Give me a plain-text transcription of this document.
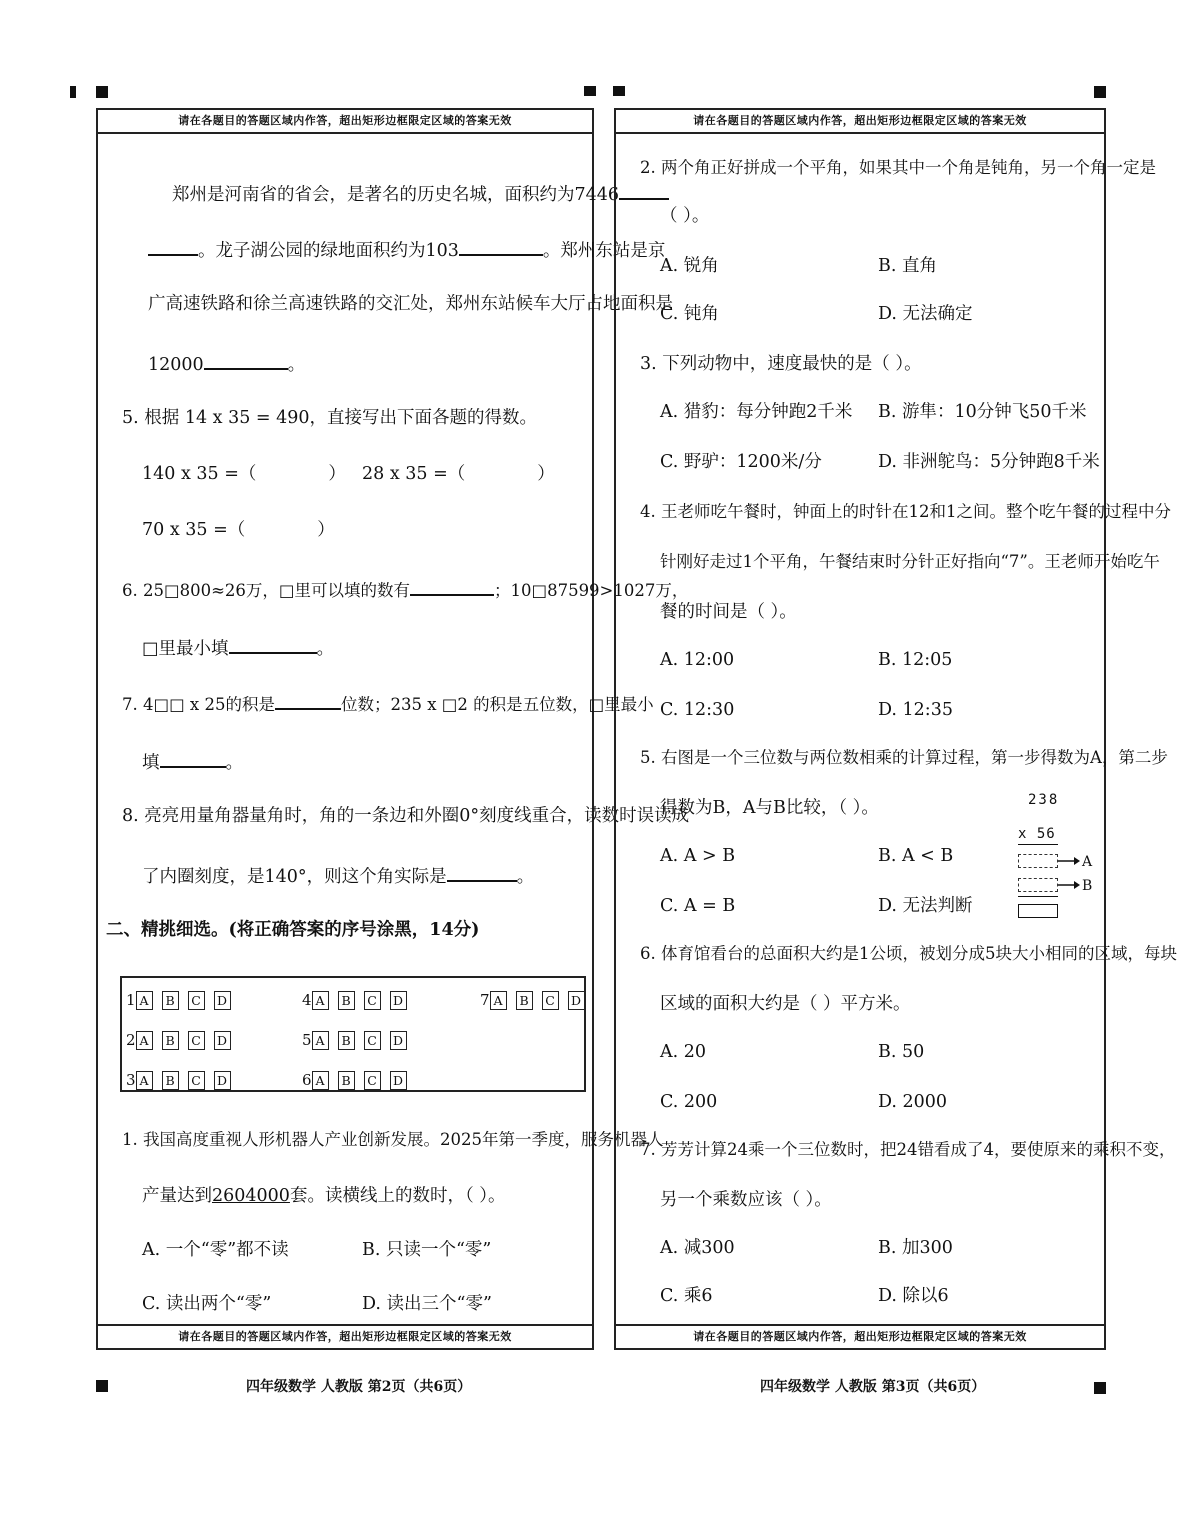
请在各题目的答题区域内作答，超出矩形边框限定区域的答案无效
郑州是河南省的省会，是著名的历史名城，面积约为7446
。龙子湖公园的绿地面积约为103	。郑州东站是京
广高速铁路和徐兰高速铁路的交汇处，郑州东站候车大厅占地面积是
12000	。
5. 根据 14 x 35 = 490，直接写出下面各题的得数。
140 x 35 =（	） 28 x 35 =（	）
70 x 35 =（	）
6. 25□800≈26万，□里可以填的数有	；10□87599>1027万，
□里最小填	。
7. 4□□ x 25的积是	位数；235 x □2 的积是五位数，□里最小
填	。
8. 亮亮用量角器量角时，角的一条边和外圈0°刻度线重合，读数时误读成
了内圈刻度，是140°，则这个角实际是	。
二、精挑细选。(将正确答案的序号涂黑，14分)
1 A B C D	4 A B C D	7 A B C D
2 A B C D	5 A B C D
3 A B C D	6 A B C D
1. 我国高度重视人形机器人产业创新发展。2025年第一季度，服务机器人
产量达到2604000套。读横线上的数时，（ ）。
A. 一个“零”都不读	B. 只读一个“零”
C. 读出两个“零”	D. 读出三个“零”
请在各题目的答题区域内作答，超出矩形边框限定区域的答案无效
请在各题目的答题区域内作答，超出矩形边框限定区域的答案无效
2. 两个角正好拼成一个平角，如果其中一个角是钝角，另一个角一定是
（ ）。
A. 锐角	B. 直角
C. 钝角	D. 无法确定
3. 下列动物中，速度最快的是（ ）。
A. 猎豹：每分钟跑2千米 B. 游隼：10分钟飞50千米
C. 野驴：1200米/分	D. 非洲鸵鸟：5分钟跑8千米
4. 王老师吃午餐时，钟面上的时针在12和1之间。整个吃午餐的过程中分
针刚好走过1个平角，午餐结束时分针正好指向“7”。王老师开始吃午
餐的时间是（ ）。
A. 12:00	B. 12:05
C. 12:30	D. 12:35
5. 右图是一个三位数与两位数相乘的计算过程，第一步得数为A，第二步
得数为B，A与B比较，（ ）。
A. A > B	B. A < B
C. A = B	D. 无法判断
238
x 56
A
B
6. 体育馆看台的总面积大约是1公顷，被划分成5块大小相同的区域，每块
区域的面积大约是（ ）平方米。
A. 20	B. 50
C. 200	D. 2000
7. 芳芳计算24乘一个三位数时，把24错看成了4，要使原来的乘积不变，
另一个乘数应该（ ）。
A. 减300	B. 加300
C. 乘6	D. 除以6
请在各题目的答题区域内作答，超出矩形边框限定区域的答案无效
四年级数学 人教版 第2页（共6页）	四年级数学 人教版 第3页（共6页）
